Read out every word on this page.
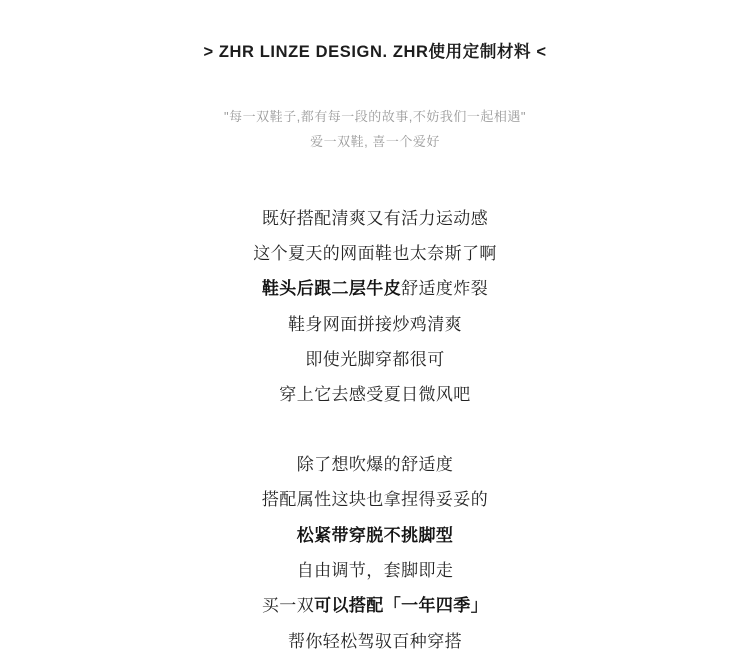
> ZHR LINZE DESIGN. ZHR使用定制材料 <
"每一双鞋子,都有每一段的故事,不妨我们一起相遇"
爱一双鞋, 喜一个爱好
既好搭配清爽又有活力运动感
这个夏天的网面鞋也太奈斯了啊
鞋头后跟二层牛皮舒适度炸裂
鞋身网面拼接炒鸡清爽
即使光脚穿都很可
穿上它去感受夏日微风吧
除了想吹爆的舒适度
搭配属性这块也拿捏得妥妥的
松紧带穿脱不挑脚型
自由调节，套脚即走
买一双可以搭配「一年四季」
帮你轻松驾驭百种穿搭
